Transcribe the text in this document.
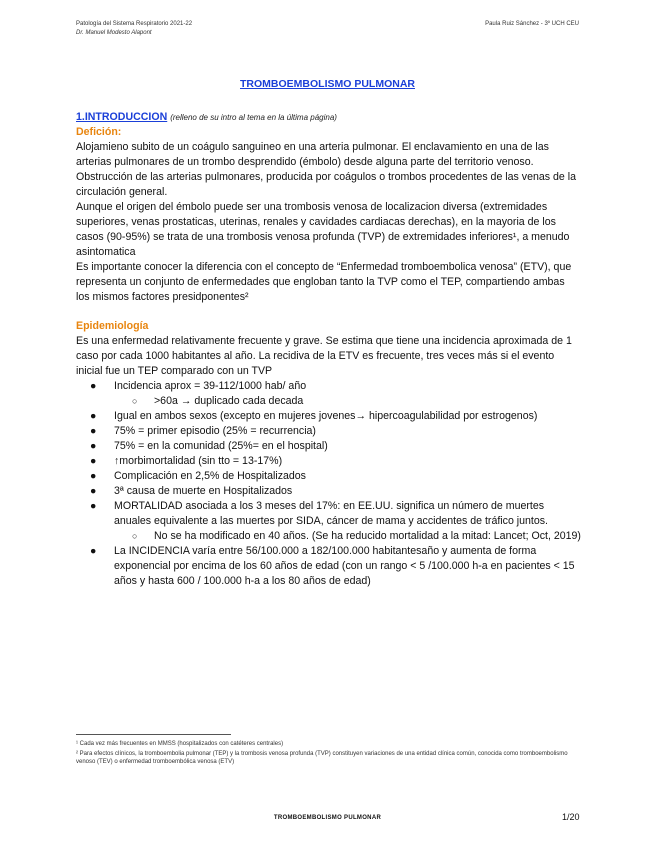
Patología del Sistema Respiratorio 2021-22
Dr. Manuel Modesto Alapont
Paula Ruiz Sánchez - 3º UCH CEU
TROMBOEMBOLISMO PULMONAR

1.INTRODUCCION (relleno de su intro al tema en la última página)

Defición:

Alojamieno subito de un coágulo sanguineo en una arteria pulmonar. El enclavamiento en una de las arterias pulmonares de un trombo desprendido (émbolo) desde alguna parte del territorio venoso.

Obstrucción de las arterias pulmonares, producida por coágulos o trombos procedentes de las venas de la circulación general.

Aunque el origen del émbolo puede ser una trombosis venosa de localizacion diversa (extremidades superiores, venas prostaticas, uterinas, renales y cavidades cardiacas derechas), en la mayoria de los casos (90-95%) se trata de una trombosis venosa profunda (TVP) de extremidades inferiores¹, a menudo asintomatica

Es importante conocer la diferencia con el concepto de “Enfermedad tromboembolica venosa” (ETV), que representa un conjunto de enfermedades que engloban tanto la TVP como el TEP, compartiendo ambas los mismos factores presidponentes²

Epidemiología

Es una enfermedad relativamente frecuente y grave. Se estima que tiene una incidencia aproximada de 1 caso por cada 1000 habitantes al año. La recidiva de la ETV es frecuente, tres veces más si el evento inicial fue un TEP comparado con un TVP

● Incidencia aprox = 39-112/1000 hab/ año
○ >60a → duplicado cada decada
● Igual en ambos sexos (excepto en mujeres jovenes→ hipercoagulabilidad por estrogenos)
● 75% = primer episodio (25% = recurrencia)
● 75% = en la comunidad (25%= en el hospital)
● ↑morbimortalidad (sin tto = 13-17%)
● Complicación en 2,5% de Hospitalizados
● 3ª causa de muerte en Hospitalizados
● MORTALIDAD asociada a los 3 meses del 17%: en EE.UU. significa un número de muertes anuales equivalente a las muertes por SIDA, cáncer de mama y accidentes de tráfico juntos.
○ No se ha modificado en 40 años. (Se ha reducido mortalidad a la mitad: Lancet; Oct, 2019)
● La INCIDENCIA varía entre 56/100.000 a 182/100.000 habitantesaño y aumenta de forma exponencial por encima de los 60 años de edad (con un rango < 5 /100.000 h-a en pacientes < 15 años y hasta 600 / 100.000 h-a a los 80 años de edad)
¹ Cada vez más frecuentes en MMSS (hospitalizados con catéteres centrales)
² Para efectos clínicos, la tromboembolia pulmonar (TEP) y la trombosis venosa profunda (TVP) constituyen variaciones de una entidad clínica común, conocida como tromboembolismo venoso (TEV) o enfermedad tromboembólica venosa (ETV)
TROMBOEMBOLISMO PULMONAR	1/20
